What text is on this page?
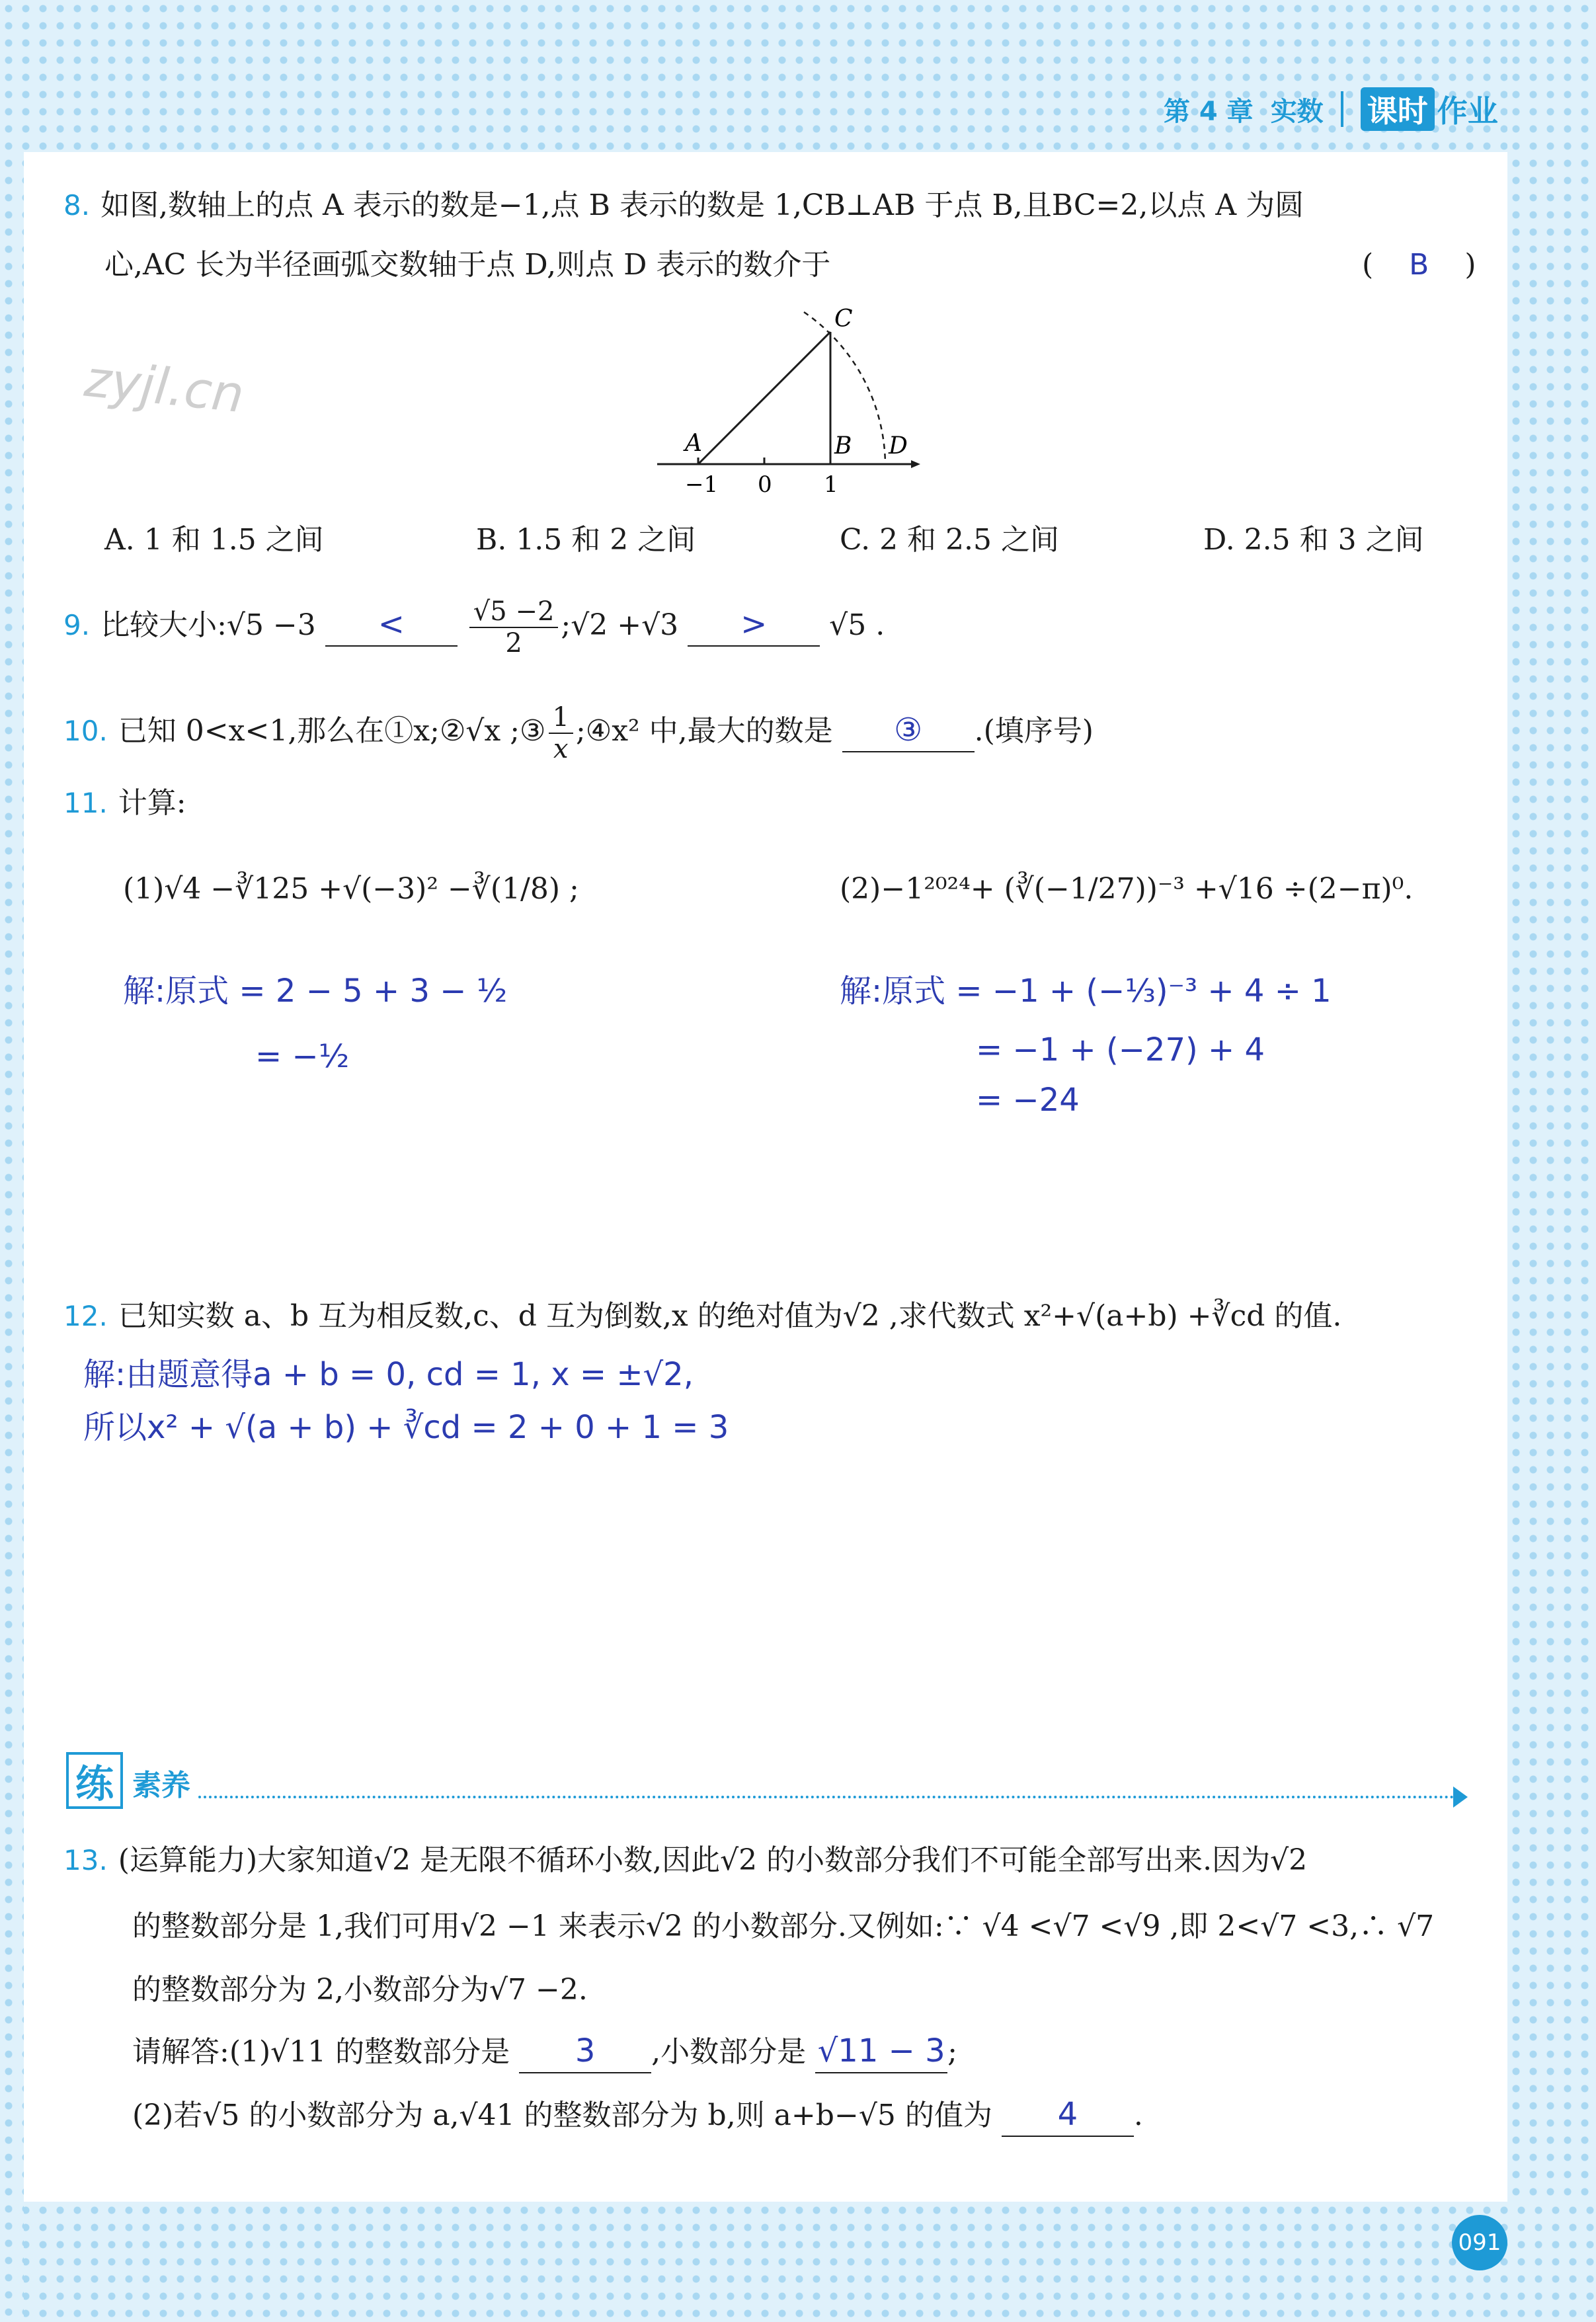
第 4 章 实数 课时 作业
zyjl.cn
8. 如图,数轴上的点 A 表示的数是−1,点 B 表示的数是 1,CB⊥AB 于点 B,且BC=2,以点 A 为圆
心,AC 长为半径画弧交数轴于点 D,则点 D 表示的数介于	( B )
C
A	B D
−1 0 1
A. 1 和 1.5 之间	B. 1.5 和 2 之间	C. 2 和 2.5 之间	D. 2.5 和 3 之间
9. 比较大小:√5 $-3 < \frac{√5 -2}{2}$ ;√2 +√3 > √5 .
10. 已知 0<x<1,那么在①x;②√x ;③ $\frac{1}{x}$ ;④x² 中,最大的数是 ③ .(填序号)
11. 计算:
(1)√4 −∛125 +√(−3)² −∛(1/8) ;	(2)−1²⁰²⁴+ (∛(−1/27))⁻³ +√16 ÷(2−π)⁰.
解:原式 = 2 − 5 + 3 − ½
= −½
解:原式 = −1 + (−⅓)⁻³ + 4 ÷ 1
= −1 + (−27) + 4
= −24
12. 已知实数 a、b 互为相反数,c、d 互为倒数,x 的绝对值为√2 ,求代数式 x²+√(a+b) +∛cd 的值.
解:由题意得a + b = 0, cd = 1, x = ±√2,
所以x² + √(a + b) + ∛cd = 2 + 0 + 1 = 3
练 素养
13. (运算能力)大家知道√2 是无限不循环小数,因此√2 的小数部分我们不可能全部写出来.因为√2
的整数部分是 1,我们可用√2 −1 来表示√2 的小数部分.又例如:∵ √4 <√7 <√9 ,即 2<√7 <3,∴ √7
的整数部分为 2,小数部分为√7 −2.
请解答:(1)√11 的整数部分是 3 ,小数部分是 √11 − 3;
(2)若√5 的小数部分为 a,√41 的整数部分为 b,则 a+b−√5 的值为 4 .
091
